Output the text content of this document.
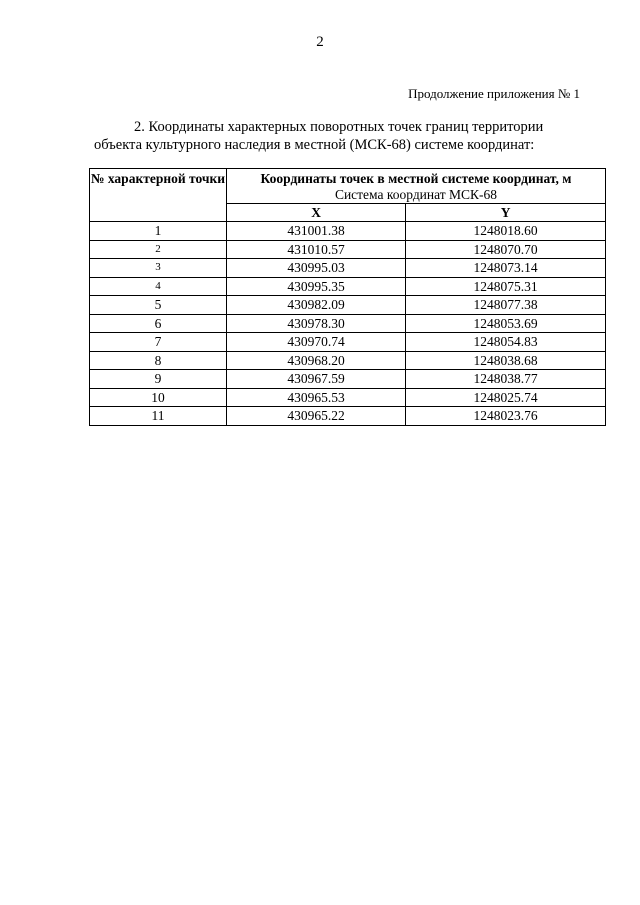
2
Продолжение приложения № 1
2. Координаты характерных поворотных точек границ территории
объекта культурного наследия в местной (МСК-68) системе координат:
№ характерной точки	Координаты точек в местной системе координат, м
Система координат МСК-68	

	X	Y
1	431001.38	1248018.60
2	431010.57	1248070.70
3	430995.03	1248073.14
4	430995.35	1248075.31
5	430982.09	1248077.38
6	430978.30	1248053.69
7	430970.74	1248054.83
8	430968.20	1248038.68
9	430967.59	1248038.77
10	430965.53	1248025.74
11	430965.22	1248023.76
